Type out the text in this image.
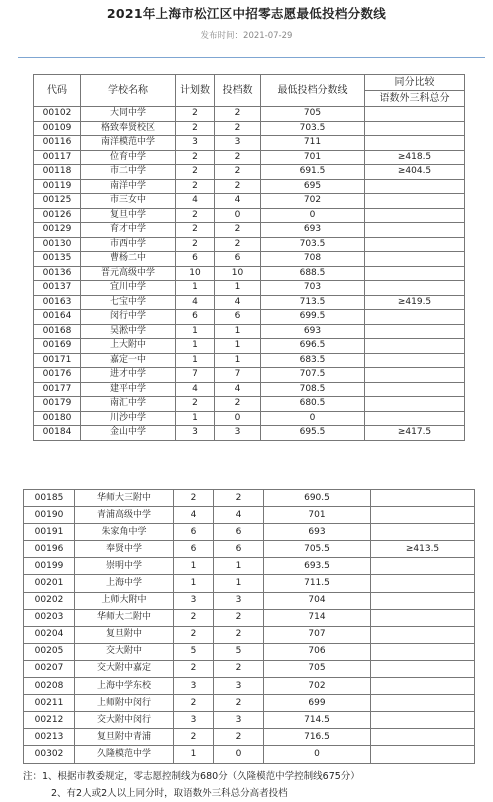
2021年上海市松江区中招零志愿最低投档分数线
发布时间：2021-07-29
代码	学校名称	计划数	投档数	最低投档分数线	同分比较
					语数外三科总分
00102	大同中学	2	2	705	
00109	格致奉贤校区	2	2	703.5	
00116	南洋模范中学	3	3	711	
00117	位育中学	2	2	701	≥418.5
00118	市二中学	2	2	691.5	≥404.5
00119	南洋中学	2	2	695	
00125	市三女中	4	4	702	
00126	复旦中学	2	0	0	
00129	育才中学	2	2	693	
00130	市西中学	2	2	703.5	
00135	曹杨二中	6	6	708	
00136	晋元高级中学	10	10	688.5	
00137	宜川中学	1	1	703	
00163	七宝中学	4	4	713.5	≥419.5
00164	闵行中学	6	6	699.5	
00168	吴淞中学	1	1	693	
00169	上大附中	1	1	696.5	
00171	嘉定一中	1	1	683.5	
00176	进才中学	7	7	707.5	
00177	建平中学	4	4	708.5	
00179	南汇中学	2	2	680.5	
00180	川沙中学	1	0	0	
00184	金山中学	3	3	695.5	≥417.5
00185	华师大三附中	2	2	690.5	
00190	青浦高级中学	4	4	701	
00191	朱家角中学	6	6	693	
00196	奉贤中学	6	6	705.5	≥413.5
00199	崇明中学	1	1	693.5	
00201	上海中学	1	1	711.5	
00202	上师大附中	3	3	704	
00203	华师大二附中	2	2	714	
00204	复旦附中	2	2	707	
00205	交大附中	5	5	706	
00207	交大附中嘉定	2	2	705	
00208	上海中学东校	3	3	702	
00211	上师附中闵行	2	2	699	
00212	交大附中闵行	3	3	714.5	
00213	复旦附中青浦	2	2	716.5	
00302	久隆模范中学	1	0	0	
注：1、根据市教委规定，零志愿控制线为680分（久隆模范中学控制线675分）
2、有2人或2人以上同分时，取语数外三科总分高者投档
